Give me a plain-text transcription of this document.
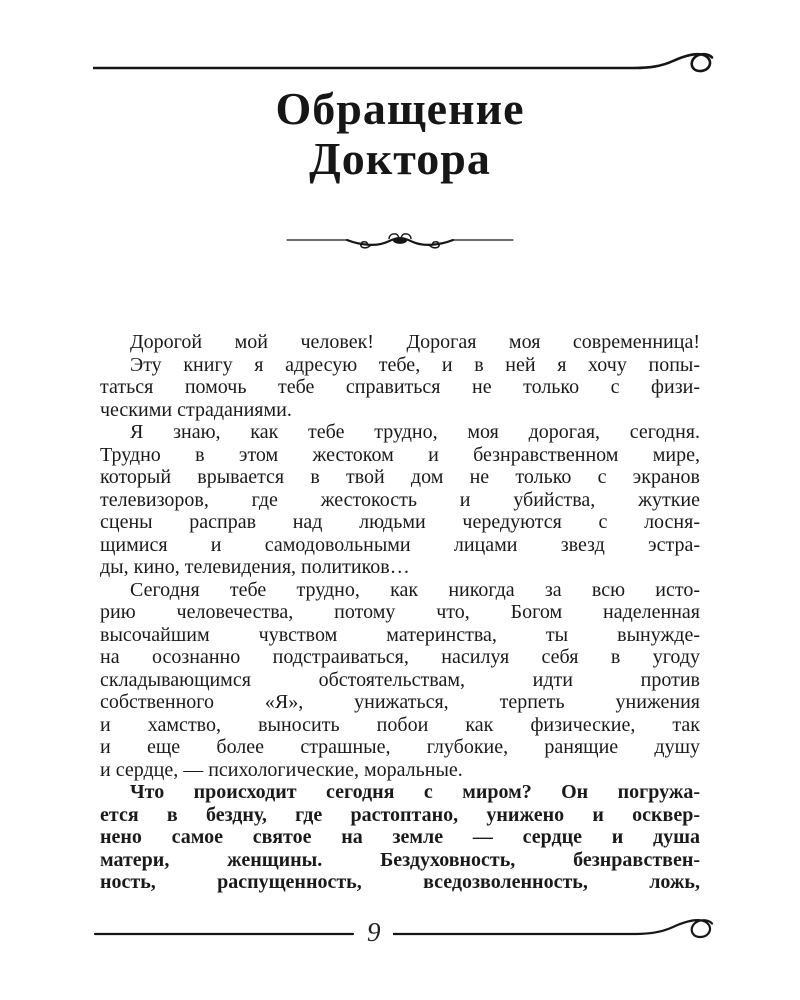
Обращение
Доктора

Дорогой мой человек! Дорогая моя современница!

Эту книгу я адресую тебе, и в ней я хочу попы-
таться помочь тебе справиться не только с физи-
ческими страданиями.

Я знаю, как тебе трудно, моя дорогая, сегодня.
Трудно в этом жестоком и безнравственном мире,
который врывается в твой дом не только с экранов
телевизоров, где жестокость и убийства, жуткие
сцены расправ над людьми чередуются с лосня-
щимися и самодовольными лицами звезд эстра-
ды, кино, телевидения, политиков…

Сегодня тебе трудно, как никогда за всю исто-
рию человечества, потому что, Богом наделенная
высочайшим чувством материнства, ты вынужде-
на осознанно подстраиваться, насилуя себя в угоду
складывающимся обстоятельствам, идти против
собственного «Я», унижаться, терпеть унижения
и хамство, выносить побои как физические, так
и еще более страшные, глубокие, ранящие душу
и сердце, — психологические, моральные.

Что происходит сегодня с миром? Он погружа-
ется в бездну, где растоптано, унижено и осквер-
нено самое святое на земле — сердце и душа
матери, женщины. Бездуховность, безнравствен-
ность, распущенность, вседозволенность, ложь,

9
